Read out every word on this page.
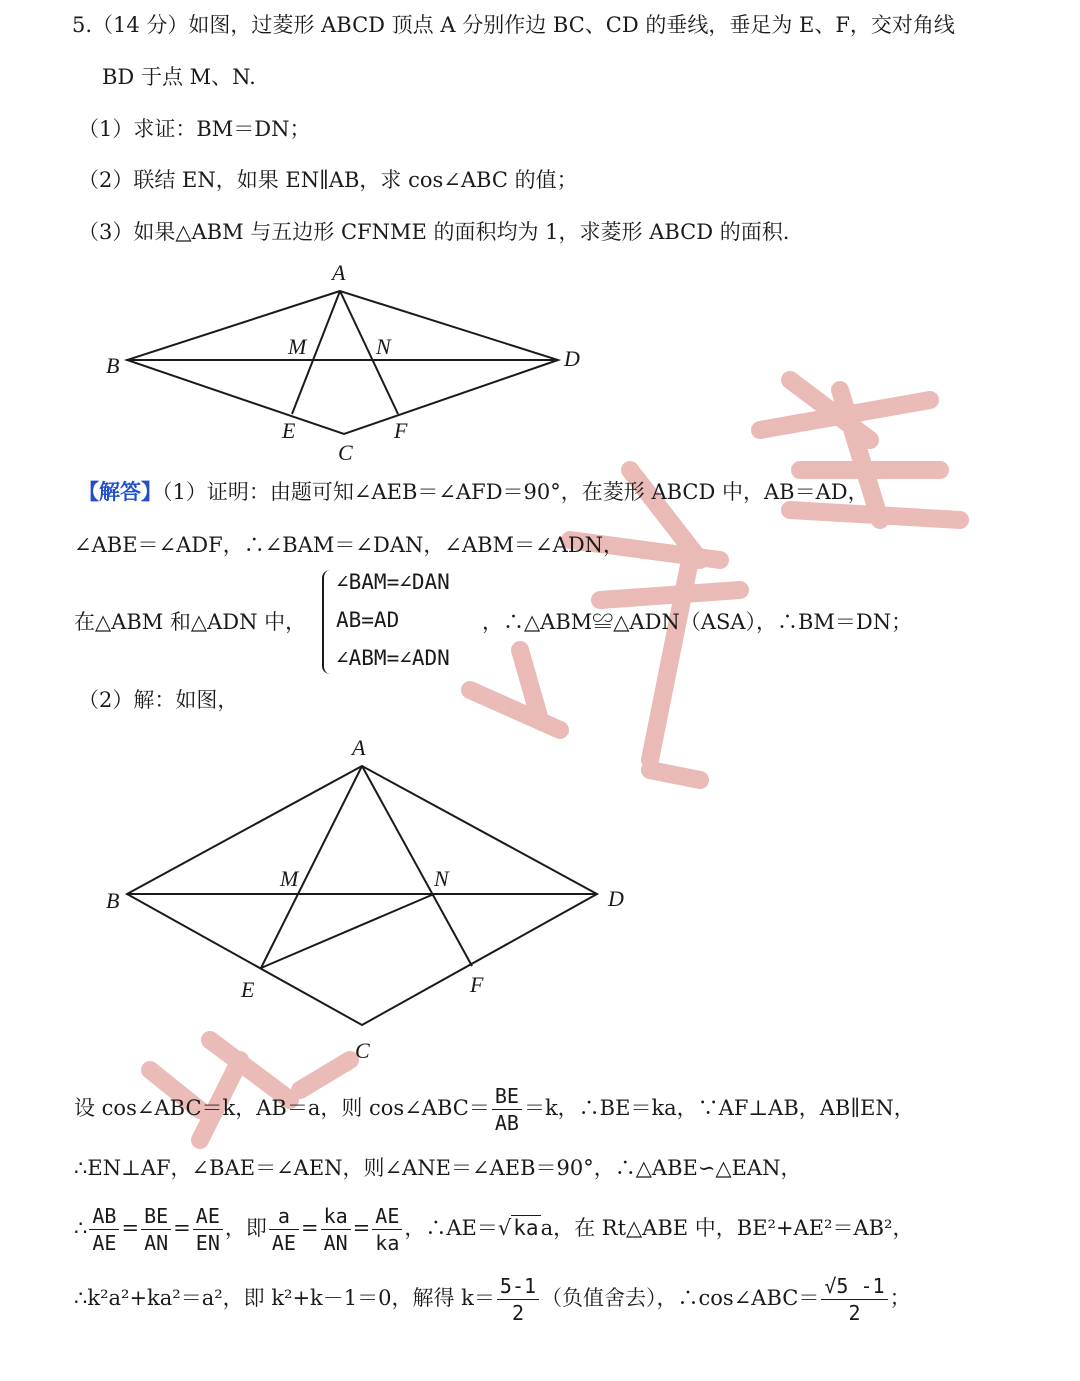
5.（14 分）如图，过菱形 ABCD 顶点 A 分别作边 BC、CD 的垂线，垂足为 E、F，交对角线
BD 于点 M、N.
（1）求证：BM＝DN；
（2）联结 EN，如果 EN∥AB，求 cos∠ABC 的值；
（3）如果△ABM 与五边形 CFNME 的面积均为 1，求菱形 ABCD 的面积.
A
B
C
D
M	N
E	F
【解答】（1）证明：由题可知∠AEB＝∠AFD＝90°，在菱形 ABCD 中，AB＝AD，
∠ABE＝∠ADF，∴∠BAM＝∠DAN，∠ABM＝∠ADN，
在△ABM 和△ADN 中，
∠BAM=∠DAN
AB=AD
∠ABM=∠ADN
，∴△ABM≌△ADN（ASA），∴BM＝DN；
（2）解：如图，
A
B
C
D
M	N
E	F
设 cos∠ABC＝k，AB＝a，则 cos∠ABC＝ $\frac{BE}{AB} =k$，∴BE＝ka，∵AF⊥AB，AB∥EN，
∴EN⊥AF，∠BAE＝∠AEN，则∠ANE＝∠AEB＝90°，∴△ABE∽△EAN，
∴ $\frac{AB}{AE} = \frac{BE}{AN} = \frac{AE}{EN}$ ，即 $\frac{a}{AE} = \frac{ka}{AN} = \frac{AE}{ka}$ ，∴AE＝√kaa，在 Rt△ABE 中，BE²+AE²＝AB²，
∴k²a²+ka²＝a²，即 k²+k－1＝0，解得 $k= \frac{5-1}{2}$ （负值舍去），∴cos∠ABC＝ $\frac{√5 -1}{2}$ ；
